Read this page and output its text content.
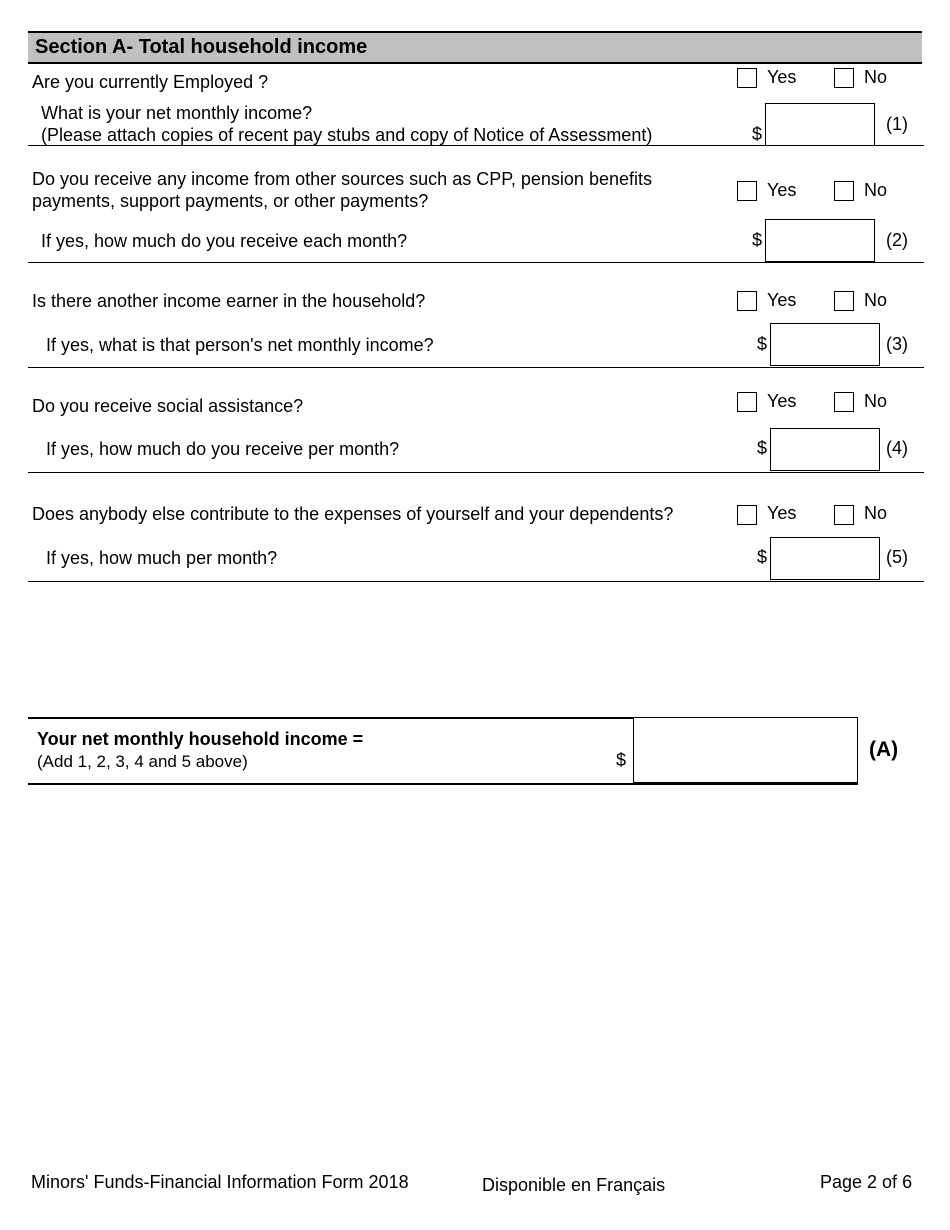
Section A- Total household income
Are you currently Employed ?	Yes	No
What is your net monthly income?
(Please attach copies of recent pay stubs and copy of Notice of Assessment)	$	(1)
Do you receive any income from other sources such as CPP, pension benefits
payments, support payments, or other payments?
Yes	No
If yes, how much do you receive each month?	$	(2)
Is there another income earner in the household?	Yes	No
If yes, what is that person's net monthly income?	$	(3)
Do you receive social assistance?	Yes	No
If yes, how much do you receive per month?	$	(4)
Does anybody else contribute to the expenses of yourself and your dependents?	Yes	No
If yes, how much per month?	$	(5)
Your net monthly household income =
(Add 1, 2, 3, 4 and 5 above)	$	(A)
Minors' Funds-Financial Information Form 2018	Disponible en Français	Page 2 of 6
